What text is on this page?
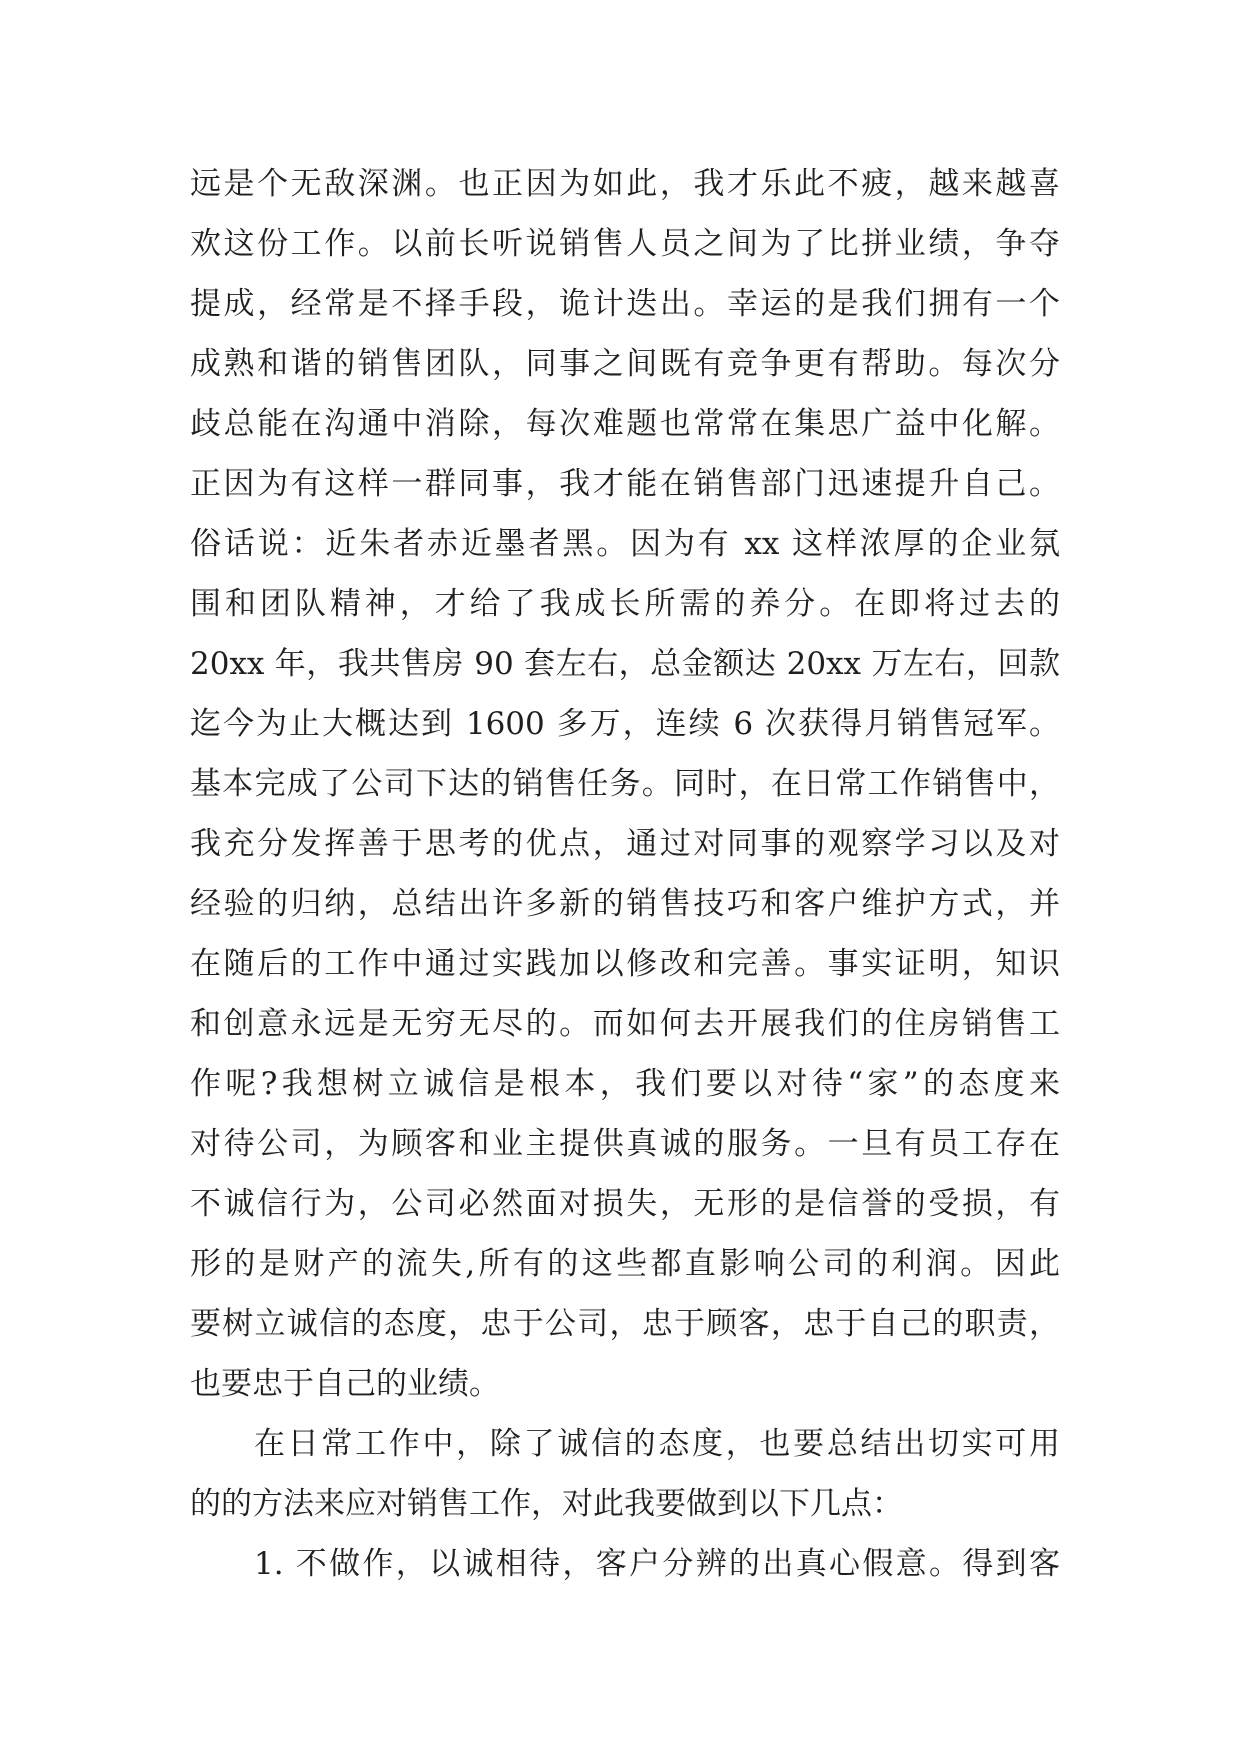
远是个无敌深渊。也正因为如此，我才乐此不疲，越来越喜
欢这份工作。以前长听说销售人员之间为了比拼业绩，争夺
提成，经常是不择手段，诡计迭出。幸运的是我们拥有一个
成熟和谐的销售团队，同事之间既有竞争更有帮助。每次分
歧总能在沟通中消除，每次难题也常常在集思广益中化解。
正因为有这样一群同事，我才能在销售部门迅速提升自己。
俗话说：近朱者赤近墨者黑。因为有 xx 这样浓厚的企业氛
围和团队精神，才给了我成长所需的养分。在即将过去的
20xx 年，我共售房 90 套左右，总金额达 20xx 万左右，回款
迄今为止大概达到 1600 多万，连续 6 次获得月销售冠军。
基本完成了公司下达的销售任务。同时，在日常工作销售中，
我充分发挥善于思考的优点，通过对同事的观察学习以及对
经验的归纳，总结出许多新的销售技巧和客户维护方式，并
在随后的工作中通过实践加以修改和完善。事实证明，知识
和创意永远是无穷无尽的。而如何去开展我们的住房销售工
作呢?我想树立诚信是根本，我们要以对待“家”的态度来
对待公司，为顾客和业主提供真诚的服务。一旦有员工存在
不诚信行为，公司必然面对损失，无形的是信誉的受损，有
形的是财产的流失,所有的这些都直影响公司的利润。因此
要树立诚信的态度，忠于公司，忠于顾客，忠于自己的职责，
也要忠于自己的业绩。
在日常工作中，除了诚信的态度，也要总结出切实可用
的的方法来应对销售工作，对此我要做到以下几点：
1. 不做作，以诚相待，客户分辨的出真心假意。得到客
